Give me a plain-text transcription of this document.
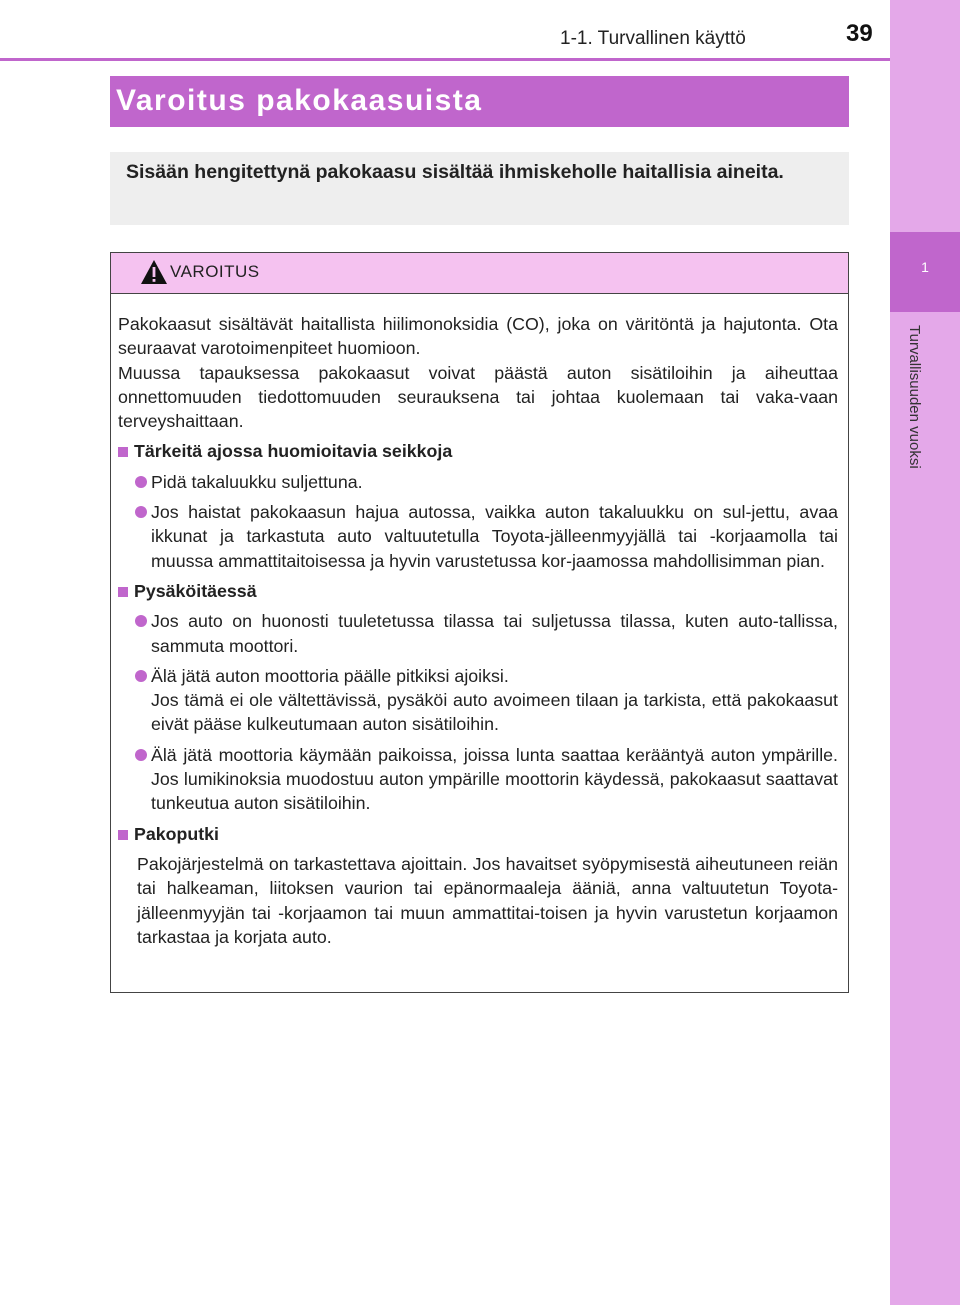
1
Turvallisuuden vuoksi
1-1. Turvallinen käyttö	39
Varoitus pakokaasuista
Sisään hengitettynä pakokaasu sisältää ihmiskeholle haitallisia aineita.
VAROITUS

Pakokaasut sisältävät haitallista hiilimonoksidia (CO), joka on väritöntä ja hajutonta. Ota seuraavat varotoimenpiteet huomioon.

Muussa tapauksessa pakokaasut voivat päästä auton sisätiloihin ja aiheuttaa onnettomuuden tiedottomuuden seurauksena tai johtaa kuolemaan tai vaka-vaan terveyshaittaan.

Tärkeitä ajossa huomioitavia seikkoja
Pidä takaluukku suljettuna.
Jos haistat pakokaasun hajua autossa, vaikka auton takaluukku on sul-jettu, avaa ikkunat ja tarkastuta auto valtuutetulla Toyota-jälleenmyyjällä tai -korjaamolla tai muussa ammattitaitoisessa ja hyvin varustetussa kor-jaamossa mahdollisimman pian.
Pysäköitäessä
Jos auto on huonosti tuuletetussa tilassa tai suljetussa tilassa, kuten auto-tallissa, sammuta moottori.
Älä jätä auton moottoria päälle pitkiksi ajoiksi.
Jos tämä ei ole vältettävissä, pysäköi auto avoimeen tilaan ja tarkista, että pakokaasut eivät pääse kulkeutumaan auton sisätiloihin.
Älä jätä moottoria käymään paikoissa, joissa lunta saattaa kerääntyä auton ympärille. Jos lumikinoksia muodostuu auton ympärille moottorin käydessä, pakokaasut saattavat tunkeutua auton sisätiloihin.
Pakoputki

Pakojärjestelmä on tarkastettava ajoittain. Jos havaitset syöpymisestä aiheutuneen reiän tai halkeaman, liitoksen vaurion tai epänormaaleja ääniä, anna valtuutetun Toyota-jälleenmyyjän tai -korjaamon tai muun ammattitai-toisen ja hyvin varustetun korjaamon tarkastaa ja korjata auto.
